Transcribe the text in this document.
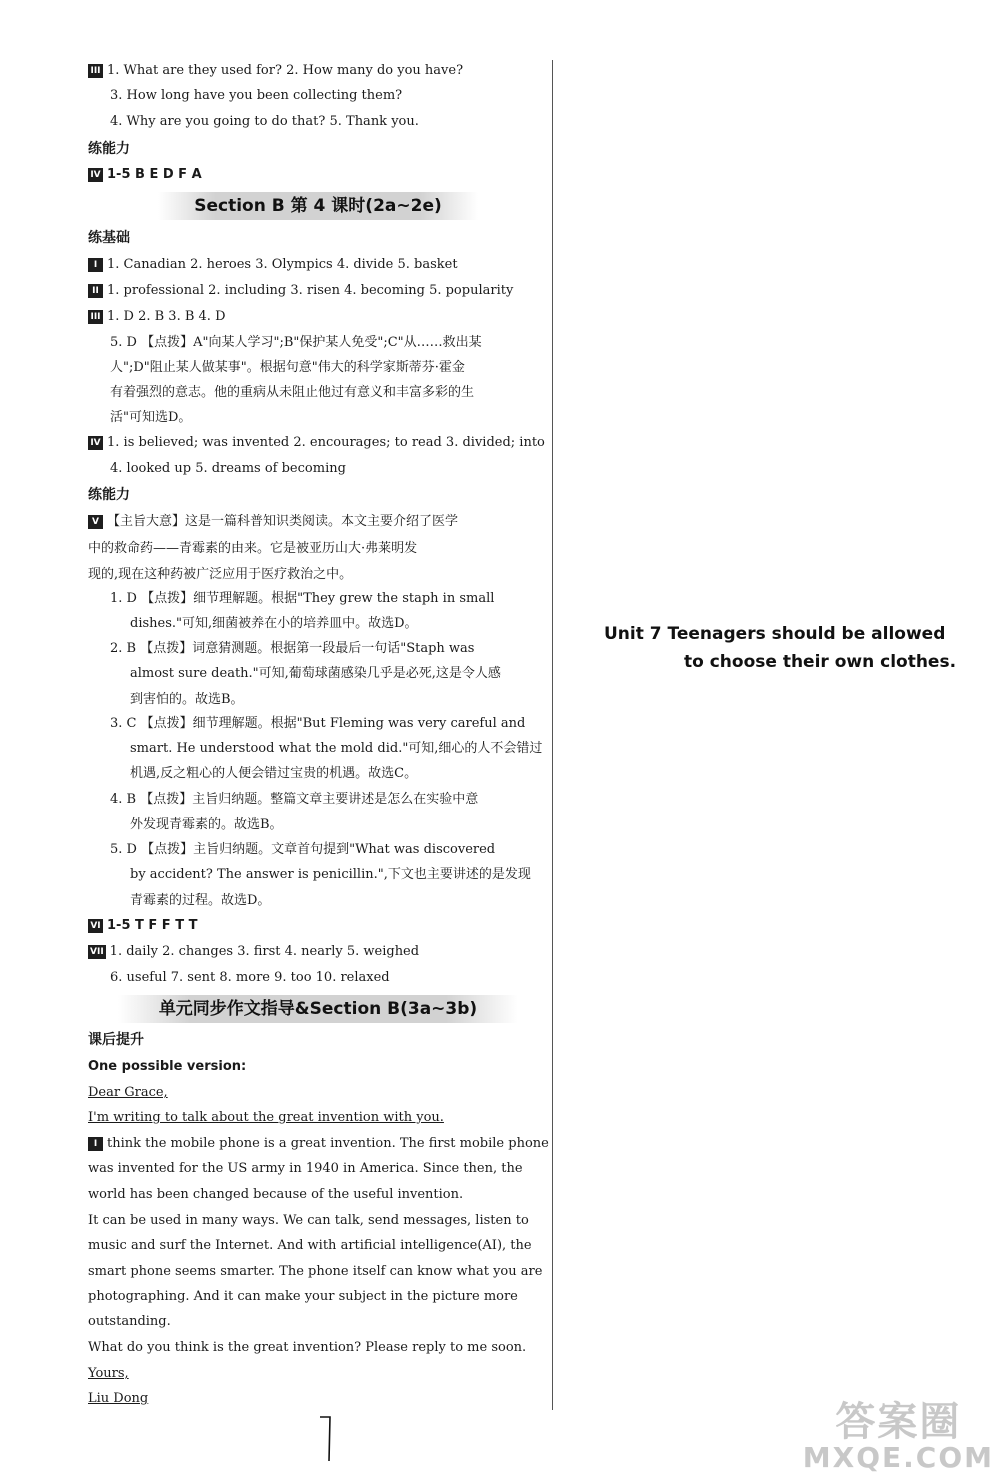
III 1. What are they used for? 2. How many do you have?
3. How long have you been collecting them?
4. Why are you going to do that? 5. Thank you.
练能力
IV 1-5 B E D F A
练基础
I 1. Canadian 2. heroes 3. Olympics 4. divide 5. basket
II 1. professional 2. including 3. risen 4. becoming 5. popularity
III 1. D 2. B 3. B 4. D
5. D 【点拨】A"向某人学习";B"保护某人免受";C"从……救出某
人";D"阻止某人做某事"。根据句意"伟大的科学家斯蒂芬·霍金
有着强烈的意志。他的重病从未阻止他过有意义和丰富多彩的生
活"可知选D。
IV 1. is believed; was invented 2. encourages; to read 3. divided; into
4. looked up 5. dreams of becoming
练能力
V 【主旨大意】这是一篇科普知识类阅读。本文主要介绍了医学
中的救命药——青霉素的由来。它是被亚历山大·弗莱明发
现的,现在这种药被广泛应用于医疗救治之中。
1. D 【点拨】细节理解题。根据"They grew the staph in small
dishes."可知,细菌被养在小的培养皿中。故选D。
2. B 【点拨】词意猜测题。根据第一段最后一句话"Staph was
almost sure death."可知,葡萄球菌感染几乎是必死,这是令人感
到害怕的。故选B。
3. C 【点拨】细节理解题。根据"But Fleming was very careful and
smart. He understood what the mold did."可知,细心的人不会错过
机遇,反之粗心的人便会错过宝贵的机遇。故选C。
4. B 【点拨】主旨归纳题。整篇文章主要讲述是怎么在实验中意
外发现青霉素的。故选B。
5. D 【点拨】主旨归纳题。文章首句提到"What was discovered
by accident? The answer is penicillin.",下文也主要讲述的是发现
青霉素的过程。故选D。
VI 1-5 T F F T T
VII 1. daily 2. changes 3. first 4. nearly 5. weighed
6. useful 7. sent 8. more 9. too 10. relaxed
课后提升
One possible version:
Dear Grace,
I'm writing to talk about the great invention with you.
I think the mobile phone is a great invention. The first mobile phone
was invented for the US army in 1940 in America. Since then, the
world has been changed because of the useful invention.
It can be used in many ways. We can talk, send messages, listen to
music and surf the Internet. And with artificial intelligence(AI), the
smart phone seems smarter. The phone itself can know what you are
photographing. And it can make your subject in the picture more
outstanding.
What do you think is the great invention? Please reply to me soon.
Yours,
Liu Dong
Section B 第 4 课时(2a~2e)
单元同步作文指导&Section B(3a~3b)
Unit 7 Teenagers should be allowed
to choose their own clothes.
答案圈
MXQE.COM
